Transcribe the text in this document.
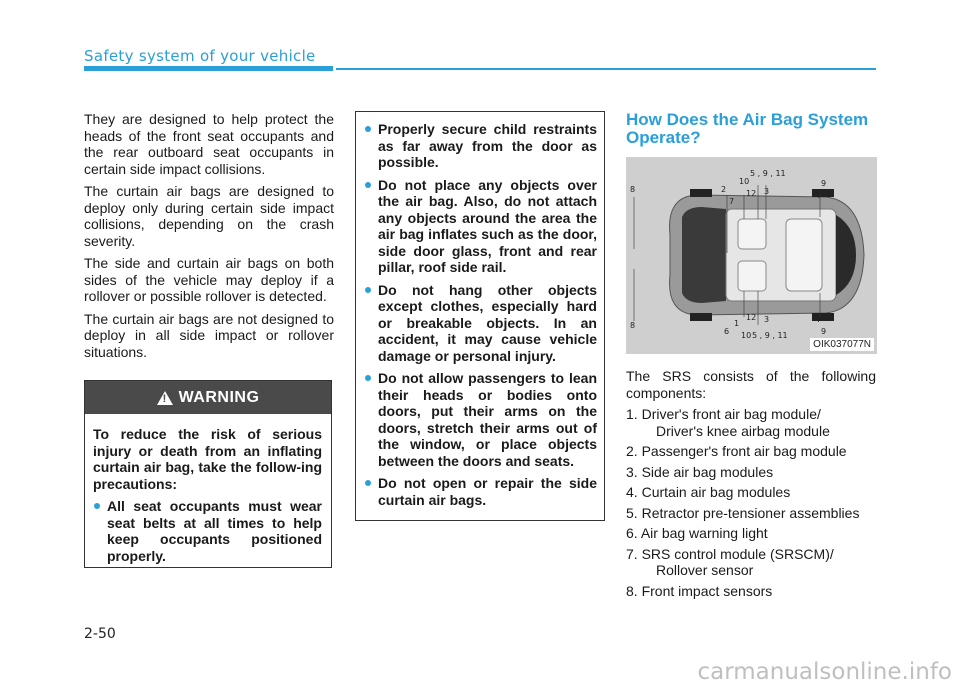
Safety system of your vehicle

They are designed to help protect the heads of the front seat occupants and the rear outboard seat occupants in certain side impact collisions.

The curtain air bags are designed to deploy only during certain side impact collisions, depending on the crash severity.

The side and curtain air bags on both sides of the vehicle may deploy if a rollover or possible rollover is detected.

The curtain air bags are not designed to deploy in all side impact or rollover situations.

! WARNING

To reduce the risk of serious injury or death from an inflating curtain air bag, take the follow-ing precautions:

All seat occupants must wear seat belts at all times to help keep occupants positioned properly.
Properly secure child restraints as far away from the door as possible.
Do not place any objects over the air bag. Also, do not attach any objects around the area the air bag inflates such as the door, side door glass, front and rear pillar, roof side rail.
Do not hang other objects except clothes, especially hard or breakable objects. In an accident, it may cause vehicle damage or personal injury.
Do not allow passengers to lean their heads or bodies onto doors, put their arms on the doors, stretch their arms out of the window, or place objects between the doors and seats.
Do not open or repair the side curtain air bags.
How Does the Air Bag System Operate?
8	2
7
10
12
5 , 9 , 11
3
9
4
8
6
1
10
12
5 , 9 , 11
3	4
9
OIK037077N

The SRS consists of the following components:

1. Driver's front air bag module/
Driver's knee airbag module
2. Passenger's front air bag module
3. Side air bag modules
4. Curtain air bag modules
5. Retractor pre-tensioner assemblies
6. Air bag warning light
7. SRS control module (SRSCM)/
Rollover sensor
8. Front impact sensors
2-50
carmanualsonline.info
